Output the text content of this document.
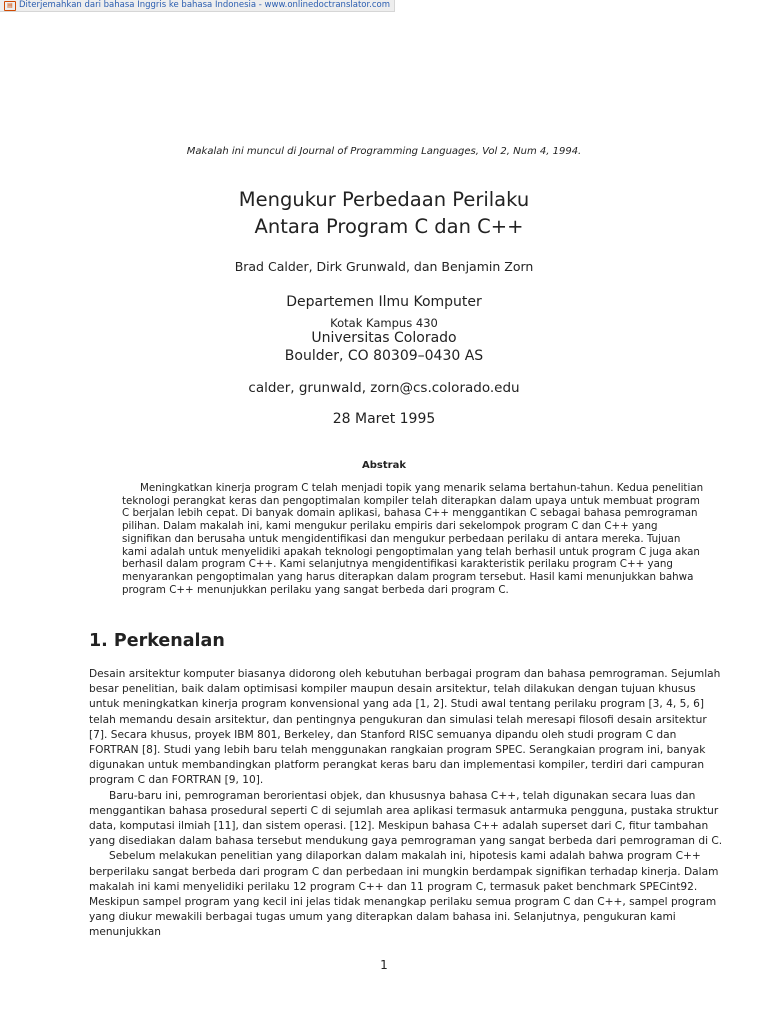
▤ Diterjemahkan dari bahasa Inggris ke bahasa Indonesia - www.onlinedoctranslator.com
Makalah ini muncul di Journal of Programming Languages, Vol 2, Num 4, 1994.
Mengukur Perbedaan Perilaku
Antara Program C dan C++
Brad Calder, Dirk Grunwald, dan Benjamin Zorn
Departemen Ilmu Komputer
Kotak Kampus 430
Universitas Colorado
Boulder, CO 80309–0430 AS
calder, grunwald, zorn@cs.colorado.edu
28 Maret 1995
Abstrak
Meningkatkan kinerja program C telah menjadi topik yang menarik selama bertahun-tahun. Kedua penelitian teknologi perangkat keras dan pengoptimalan kompiler telah diterapkan dalam upaya untuk membuat program C berjalan lebih cepat. Di banyak domain aplikasi, bahasa C++ menggantikan C sebagai bahasa pemrograman pilihan. Dalam makalah ini, kami mengukur perilaku empiris dari sekelompok program C dan C++ yang signifikan dan berusaha untuk mengidentifikasi dan mengukur perbedaan perilaku di antara mereka. Tujuan kami adalah untuk menyelidiki apakah teknologi pengoptimalan yang telah berhasil untuk program C juga akan berhasil dalam program C++. Kami selanjutnya mengidentifikasi karakteristik perilaku program C++ yang menyarankan pengoptimalan yang harus diterapkan dalam program tersebut. Hasil kami menunjukkan bahwa program C++ menunjukkan perilaku yang sangat berbeda dari program C.
1. Perkenalan

Desain arsitektur komputer biasanya didorong oleh kebutuhan berbagai program dan bahasa pemrograman. Sejumlah besar penelitian, baik dalam optimisasi kompiler maupun desain arsitektur, telah dilakukan dengan tujuan khusus untuk meningkatkan kinerja program konvensional yang ada [1, 2]. Studi awal tentang perilaku program [3, 4, 5, 6] telah memandu desain arsitektur, dan pentingnya pengukuran dan simulasi telah meresapi filosofi desain arsitektur [7]. Secara khusus, proyek IBM 801, Berkeley, dan Stanford RISC semuanya dipandu oleh studi program C dan FORTRAN [8]. Studi yang lebih baru telah menggunakan rangkaian program SPEC. Serangkaian program ini, banyak digunakan untuk membandingkan platform perangkat keras baru dan implementasi kompiler, terdiri dari campuran program C dan FORTRAN [9, 10].

Baru-baru ini, pemrograman berorientasi objek, dan khususnya bahasa C++, telah digunakan secara luas dan menggantikan bahasa prosedural seperti C di sejumlah area aplikasi termasuk antarmuka pengguna, pustaka struktur data, komputasi ilmiah [11], dan sistem operasi. [12]. Meskipun bahasa C++ adalah superset dari C, fitur tambahan yang disediakan dalam bahasa tersebut mendukung gaya pemrograman yang sangat berbeda dari pemrograman di C.

Sebelum melakukan penelitian yang dilaporkan dalam makalah ini, hipotesis kami adalah bahwa program C++ berperilaku sangat berbeda dari program C dan perbedaan ini mungkin berdampak signifikan terhadap kinerja. Dalam makalah ini kami menyelidiki perilaku 12 program C++ dan 11 program C, termasuk paket benchmark SPECint92. Meskipun sampel program yang kecil ini jelas tidak menangkap perilaku semua program C dan C++, sampel program yang diukur mewakili berbagai tugas umum yang diterapkan dalam bahasa ini. Selanjutnya, pengukuran kami menunjukkan

1
